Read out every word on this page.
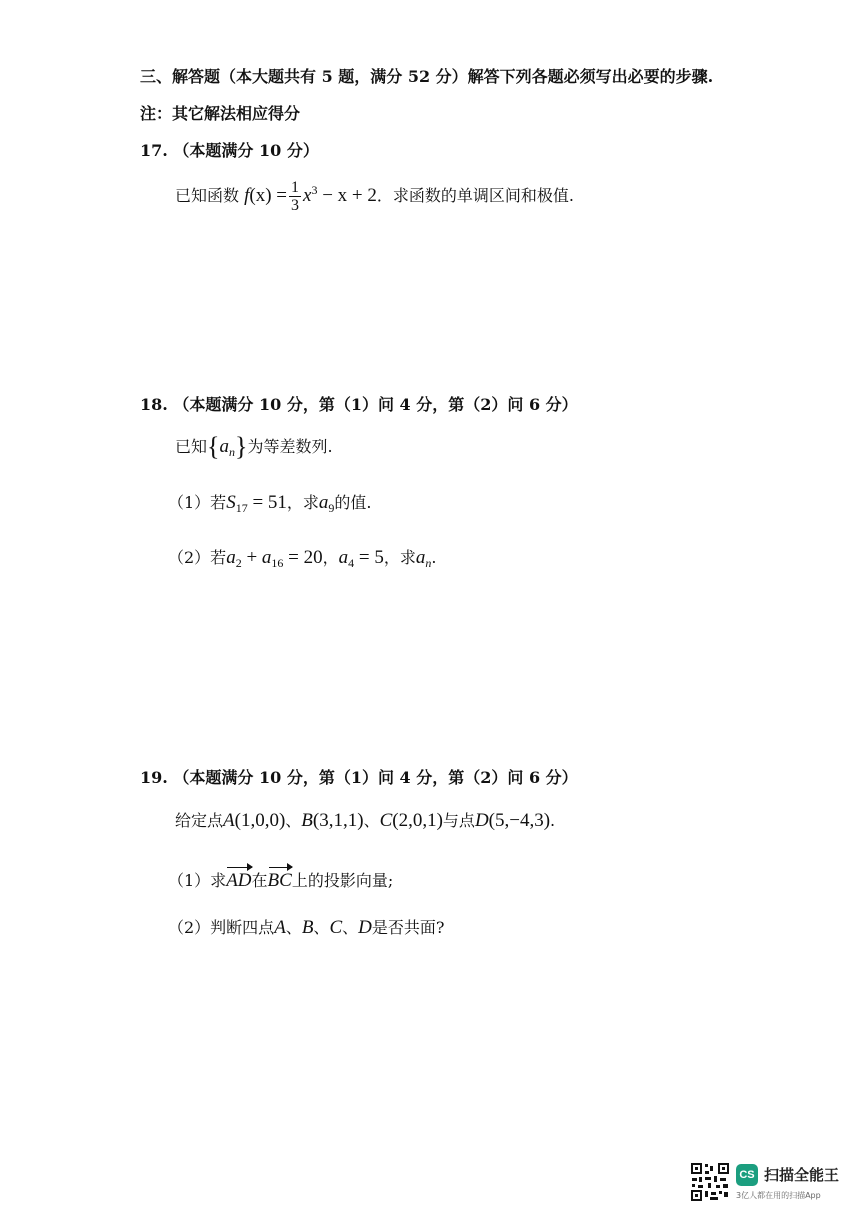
三、解答题（本大题共有 5 题，满分 52 分）解答下列各题必须写出必要的步骤.
注：其它解法相应得分
17. （本题满分 10 分）
已知函数 $f(x) = \frac{1}{3} x^3 - x + 2$．求函数的单调区间和极值.
18. （本题满分 10 分，第（1）问 4 分，第（2）问 6 分）
已知$\{a_n\}$为等差数列.
（1）若$S_{17} = 51$，求$a_9$的值.
（2）若$a_2 + a_{16} = 20$，$a_4 = 5$，求$a_n$.
19. （本题满分 10 分，第（1）问 4 分，第（2）问 6 分）
给定点A(1,0,0)、B(3,1,1)、C(2,0,1)与点D(5,−4,3).
（1）求AD在BC上的投影向量;
（2）判断四点A、B、C、D是否共面?
CS 扫描全能王
3亿人都在用的扫描App
